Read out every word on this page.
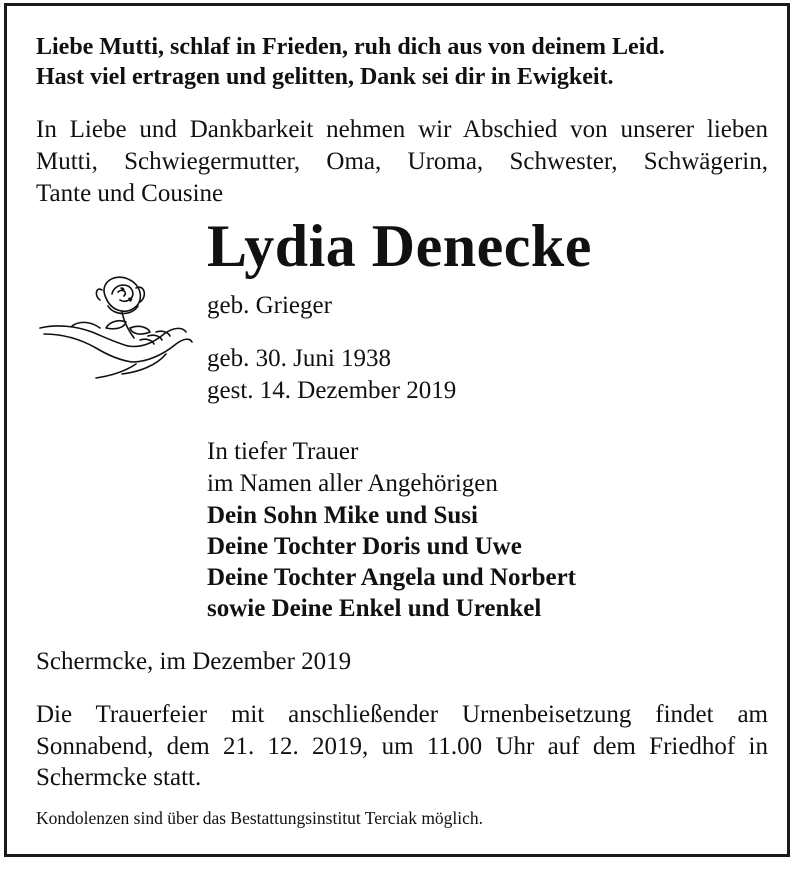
Liebe Mutti, schlaf in Frieden, ruh dich aus von deinem Leid.
Hast viel ertragen und gelitten, Dank sei dir in Ewigkeit.
In Liebe und Dankbarkeit nehmen wir Abschied von unserer lieben
Mutti, Schwiegermutter, Oma, Uroma, Schwester, Schwägerin,
Tante und Cousine
Lydia Denecke
geb. Grieger
geb. 30. Juni 1938
gest. 14. Dezember 2019
In tiefer Trauer
im Namen aller Angehörigen
Dein Sohn Mike und Susi
Deine Tochter Doris und Uwe
Deine Tochter Angela und Norbert
sowie Deine Enkel und Urenkel
Schermcke, im Dezember 2019
Die Trauerfeier mit anschließender Urnenbeisetzung findet am
Sonnabend, dem 21. 12. 2019, um 11.00 Uhr auf dem Friedhof in
Schermcke statt.
Kondolenzen sind über das Bestattungsinstitut Terciak möglich.
